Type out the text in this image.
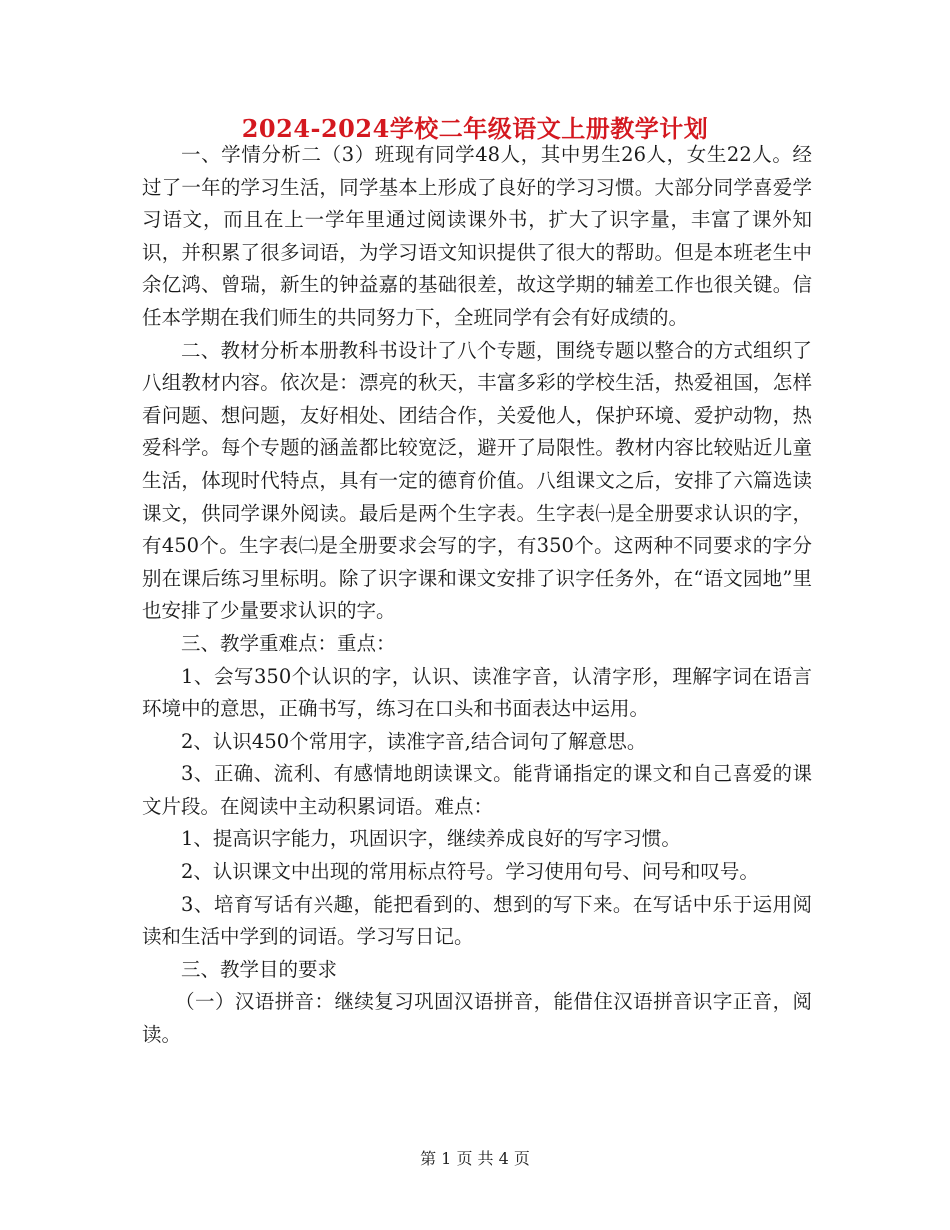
2024-2024学校二年级语文上册教学计划

一、学情分析二（3）班现有同学48人，其中男生26人，女生22人。经过了一年的学习生活，同学基本上形成了良好的学习习惯。大部分同学喜爱学习语文，而且在上一学年里通过阅读课外书，扩大了识字量，丰富了课外知识，并积累了很多词语，为学习语文知识提供了很大的帮助。但是本班老生中余亿鸿、曾瑞，新生的钟益嘉的基础很差，故这学期的辅差工作也很关键。信任本学期在我们师生的共同努力下，全班同学有会有好成绩的。

二、教材分析本册教科书设计了八个专题，围绕专题以整合的方式组织了八组教材内容。依次是：漂亮的秋天，丰富多彩的学校生活，热爱祖国，怎样看问题、想问题，友好相处、团结合作，关爱他人，保护环境、爱护动物，热爱科学。每个专题的涵盖都比较宽泛，避开了局限性。教材内容比较贴近儿童生活，体现时代特点，具有一定的德育价值。八组课文之后，安排了六篇选读课文，供同学课外阅读。最后是两个生字表。生字表㈠是全册要求认识的字，有450个。生字表㈡是全册要求会写的字，有350个。这两种不同要求的字分别在课后练习里标明。除了识字课和课文安排了识字任务外，在“语文园地”里也安排了少量要求认识的字。

三、教学重难点：重点：

1、会写350个认识的字，认识、读准字音，认清字形，理解字词在语言环境中的意思，正确书写，练习在口头和书面表达中运用。

2、认识450个常用字，读准字音,结合词句了解意思。

3、正确、流利、有感情地朗读课文。能背诵指定的课文和自己喜爱的课文片段。在阅读中主动积累词语。难点：

1、提高识字能力，巩固识字，继续养成良好的写字习惯。

2、认识课文中出现的常用标点符号。学习使用句号、问号和叹号。

3、培育写话有兴趣，能把看到的、想到的写下来。在写话中乐于运用阅读和生活中学到的词语。学习写日记。

三、教学目的要求

（一）汉语拼音：继续复习巩固汉语拼音，能借住汉语拼音识字正音，阅读。

第 1 页 共 4 页
